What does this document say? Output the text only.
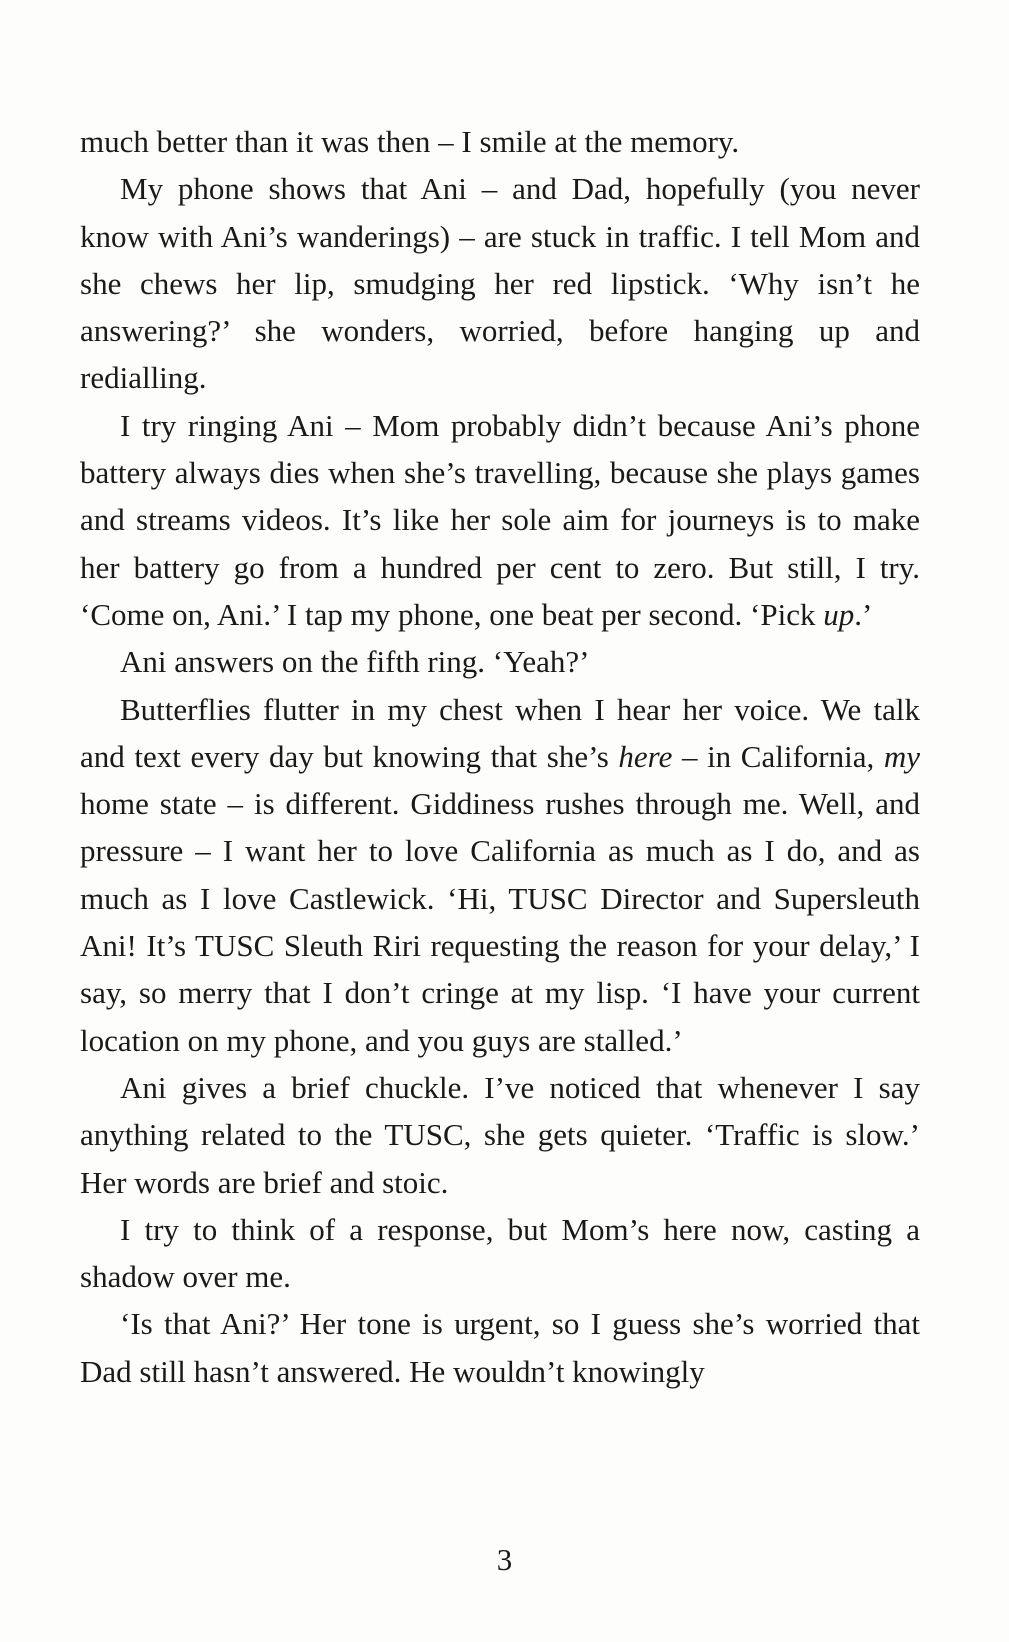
much better than it was then – I smile at the memory.

My phone shows that Ani – and Dad, hopefully (you never know with Ani’s wanderings) – are stuck in traffic. I tell Mom and she chews her lip, smudging her red lipstick. ‘Why isn’t he answering?’ she wonders, worried, before hanging up and redialling.

I try ringing Ani – Mom probably didn’t because Ani’s phone battery always dies when she’s travelling, because she plays games and streams videos. It’s like her sole aim for journeys is to make her battery go from a hundred per cent to zero. But still, I try. ‘Come on, Ani.’ I tap my phone, one beat per second. ‘Pick up.’

Ani answers on the fifth ring. ‘Yeah?’

Butterflies flutter in my chest when I hear her voice. We talk and text every day but knowing that she’s here – in California, my home state – is different. Giddiness rushes through me. Well, and pressure – I want her to love California as much as I do, and as much as I love Castlewick. ‘Hi, TUSC Director and Supersleuth Ani! It’s TUSC Sleuth Riri requesting the reason for your delay,’ I say, so merry that I don’t cringe at my lisp. ‘I have your current location on my phone, and you guys are stalled.’

Ani gives a brief chuckle. I’ve noticed that whenever I say anything related to the TUSC, she gets quieter. ‘Traffic is slow.’ Her words are brief and stoic.

I try to think of a response, but Mom’s here now, casting a shadow over me.

‘Is that Ani?’ Her tone is urgent, so I guess she’s worried that Dad still hasn’t answered. He wouldn’t knowingly

3
